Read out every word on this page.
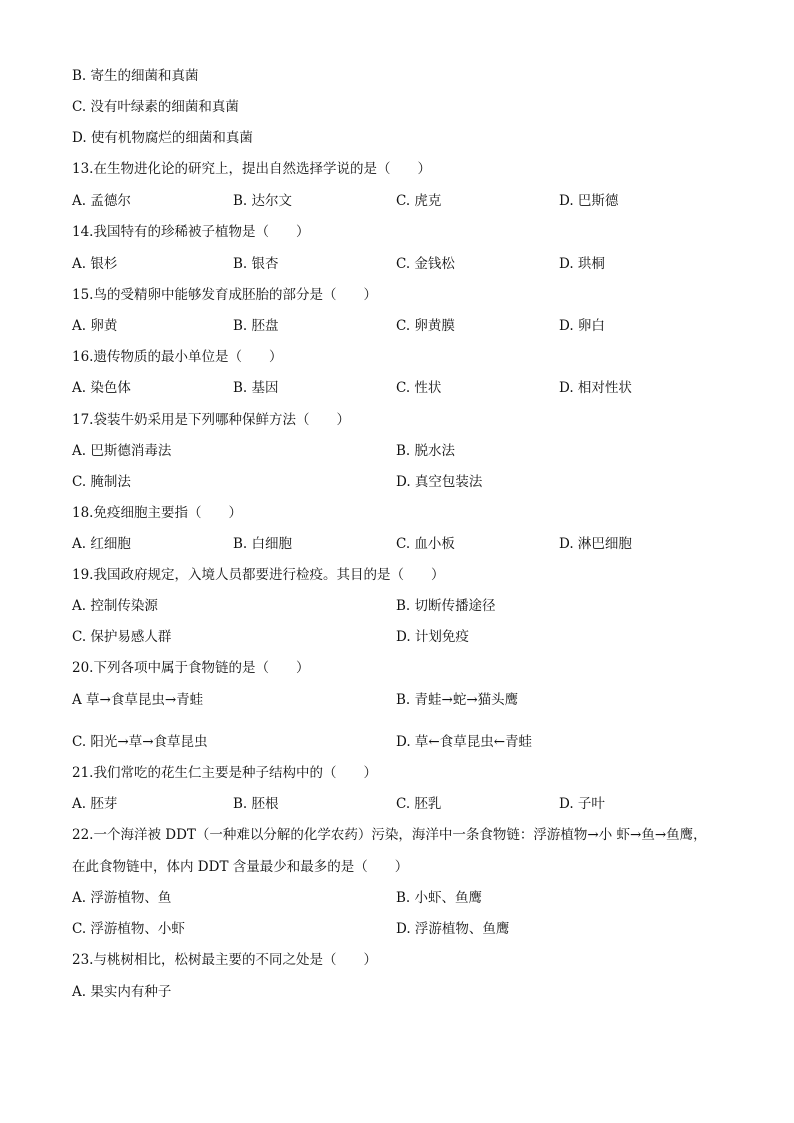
B. 寄生的细菌和真菌
C. 没有叶绿素的细菌和真菌
D. 使有机物腐烂的细菌和真菌
13.在生物进化论的研究上，提出自然选择学说的是（　　）
A. 孟德尔	B. 达尔文	C. 虎克	D. 巴斯德
14.我国特有的珍稀被子植物是（　　）
A. 银杉	B. 银杏	C. 金钱松	D. 珙桐
15.鸟的受精卵中能够发育成胚胎的部分是（　　）
A. 卵黄	B. 胚盘	C. 卵黄膜	D. 卵白
16.遗传物质的最小单位是（　　）
A. 染色体	B. 基因	C. 性状	D. 相对性状
17.袋装牛奶采用是下列哪种保鲜方法（　　）
A. 巴斯德消毒法	B. 脱水法
C. 腌制法	D. 真空包装法
18.免疫细胞主要指（　　）
A. 红细胞	B. 白细胞	C. 血小板	D. 淋巴细胞
19.我国政府规定，入境人员都要进行检疫。其目的是（　　）
A. 控制传染源	B. 切断传播途径
C. 保护易感人群	D. 计划免疫
20.下列各项中属于食物链的是（　　）
A 草→食草昆虫→青蛙	B. 青蛙→蛇→猫头鹰
C. 阳光→草→食草昆虫	D. 草←食草昆虫←青蛙
21.我们常吃的花生仁主要是种子结构中的（　　）
A. 胚芽	B. 胚根	C. 胚乳	D. 子叶
22.一个海洋被 DDT（一种难以分解的化学农药）污染，海洋中一条食物链：浮游植物→小 虾→鱼→鱼鹰，
在此食物链中，体内 DDT 含量最少和最多的是（　　）
A. 浮游植物、鱼	B. 小虾、鱼鹰
C. 浮游植物、小虾	D. 浮游植物、鱼鹰
23.与桃树相比，松树最主要的不同之处是（　　）
A. 果实内有种子
